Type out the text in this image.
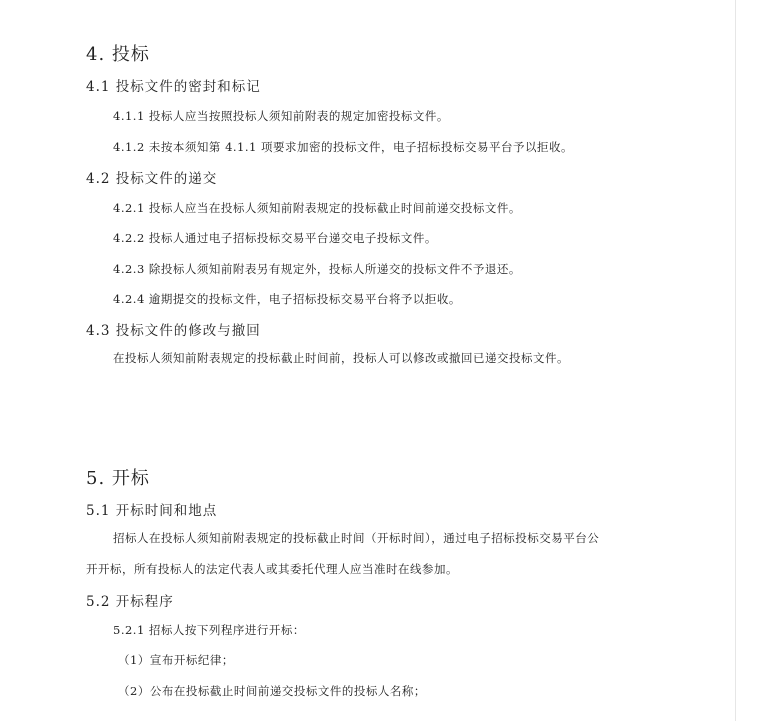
4. 投标
4.1 投标文件的密封和标记
4.1.1 投标人应当按照投标人须知前附表的规定加密投标文件。
4.1.2 未按本须知第 4.1.1 项要求加密的投标文件，电子招标投标交易平台予以拒收。
4.2 投标文件的递交
4.2.1 投标人应当在投标人须知前附表规定的投标截止时间前递交投标文件。
4.2.2 投标人通过电子招标投标交易平台递交电子投标文件。
4.2.3 除投标人须知前附表另有规定外，投标人所递交的投标文件不予退还。
4.2.4 逾期提交的投标文件，电子招标投标交易平台将予以拒收。
4.3 投标文件的修改与撤回
在投标人须知前附表规定的投标截止时间前，投标人可以修改或撤回已递交投标文件。
5. 开标
5.1 开标时间和地点
招标人在投标人须知前附表规定的投标截止时间（开标时间），通过电子招标投标交易平台公
开开标，所有投标人的法定代表人或其委托代理人应当准时在线参加。
5.2 开标程序
5.2.1 招标人按下列程序进行开标：
（1）宣布开标纪律；
（2）公布在投标截止时间前递交投标文件的投标人名称；
